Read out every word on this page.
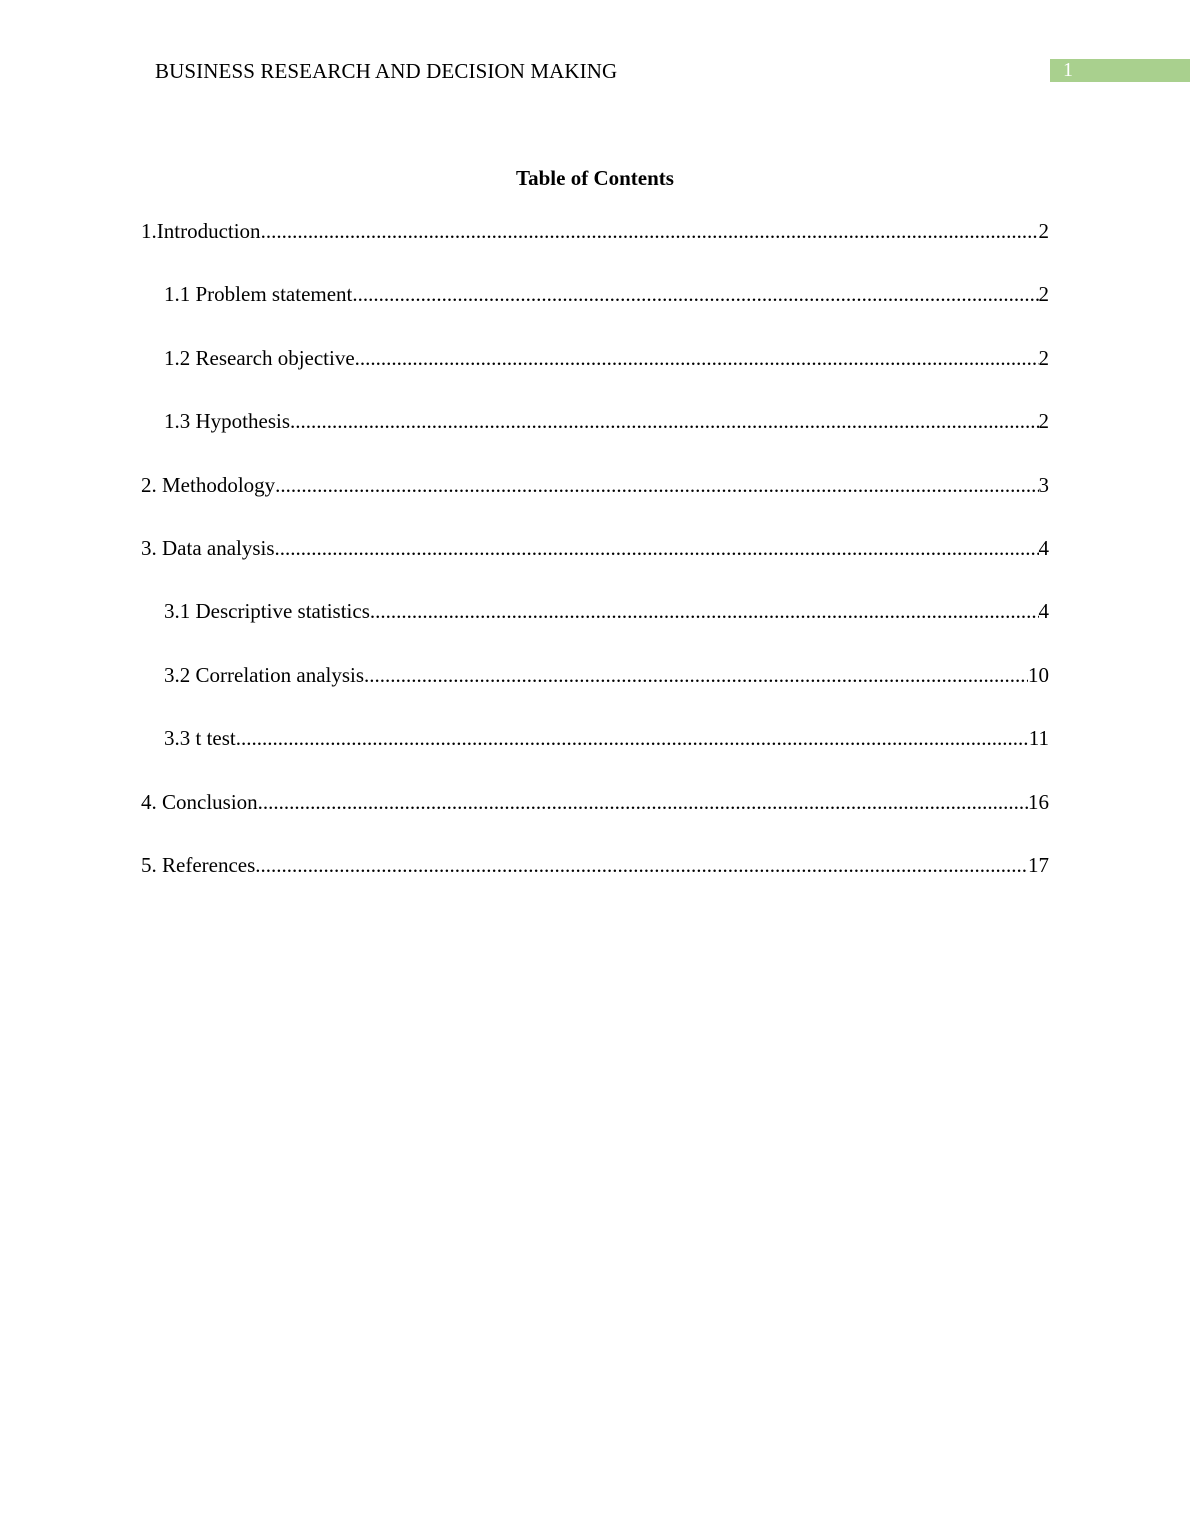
BUSINESS RESEARCH AND DECISION MAKING	1
Table of Contents
1.Introduction .....	2
1.1 Problem statement .....	2
1.2 Research objective .....	2
1.3 Hypothesis .....	2
2. Methodology .....	3
3. Data analysis .....	4
3.1 Descriptive statistics .....	4
3.2 Correlation analysis .....	10
3.3 t test .....	11
4. Conclusion .....	16
5. References .....	17
